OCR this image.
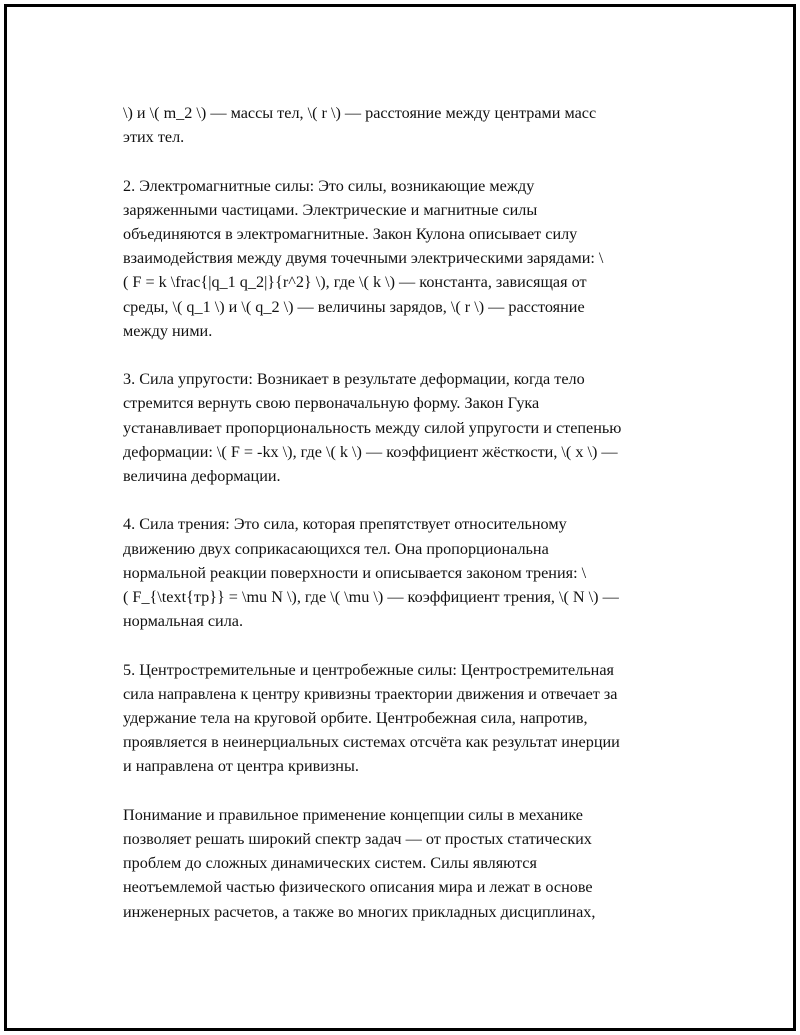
\) и \( m_2 \) — массы тел, \( r \) — расстояние между центрами масс
этих тел.

2. Электромагнитные силы: Это силы, возникающие между
заряженными частицами. Электрические и магнитные силы
объединяются в электромагнитные. Закон Кулона описывает силу
взаимодействия между двумя точечными электрическими зарядами: \
( F = k \frac{|q_1 q_2|}{r^2} \), где \( k \) — константа, зависящая от
среды, \( q_1 \) и \( q_2 \) — величины зарядов, \( r \) — расстояние
между ними.

3. Сила упругости: Возникает в результате деформации, когда тело
стремится вернуть свою первоначальную форму. Закон Гука
устанавливает пропорциональность между силой упругости и степенью
деформации: \( F = -kx \), где \( k \) — коэффициент жёсткости, \( x \) —
величина деформации.

4. Сила трения: Это сила, которая препятствует относительному
движению двух соприкасающихся тел. Она пропорциональна
нормальной реакции поверхности и описывается законом трения: \
( F_{\text{тр}} = \mu N \), где \( \mu \) — коэффициент трения, \( N \) —
нормальная сила.

5. Центростремительные и центробежные силы: Центростремительная
сила направлена к центру кривизны траектории движения и отвечает за
удержание тела на круговой орбите. Центробежная сила, напротив,
проявляется в неинерциальных системах отсчёта как результат инерции
и направлена от центра кривизны.

Понимание и правильное применение концепции силы в механике
позволяет решать широкий спектр задач — от простых статических
проблем до сложных динамических систем. Силы являются
неотъемлемой частью физического описания мира и лежат в основе
инженерных расчетов, а также во многих прикладных дисциплинах,
